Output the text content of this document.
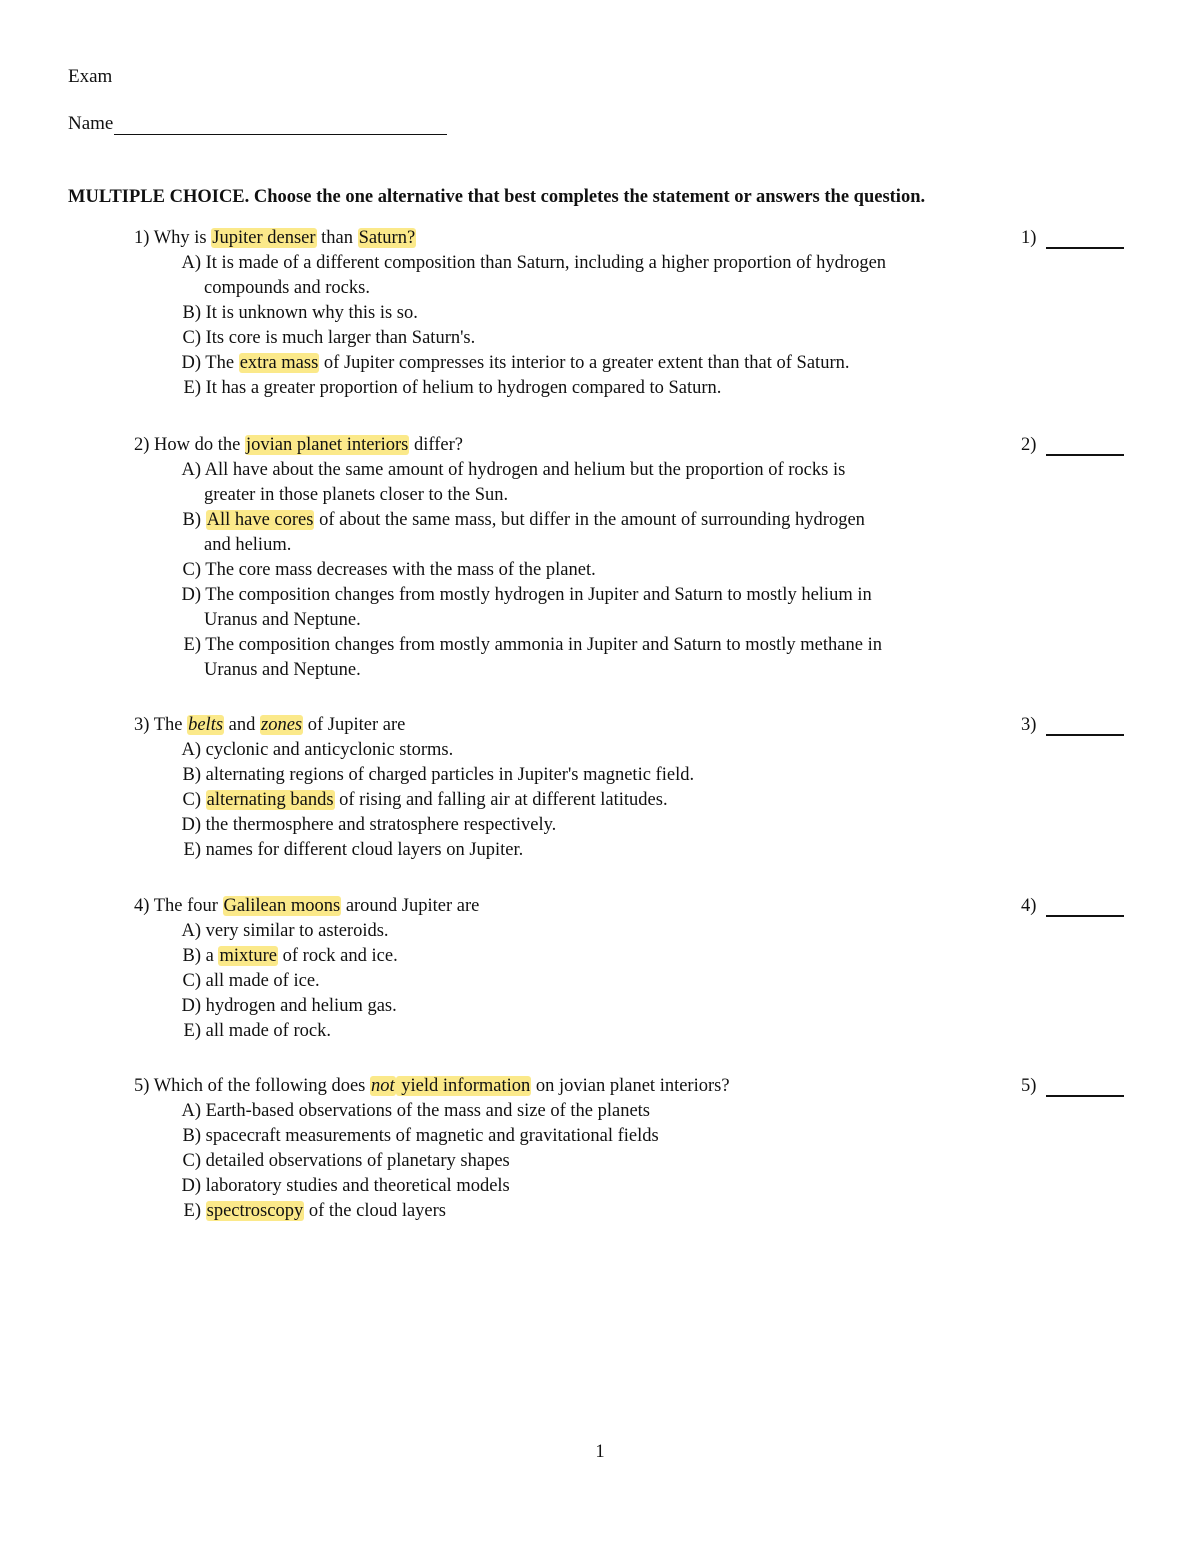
Exam
Name
MULTIPLE CHOICE. Choose the one alternative that best completes the statement or answers the question.
1) Why is Jupiter denser than Saturn?	1)
A) It is made of a different composition than Saturn, including a higher proportion of hydrogen
compounds and rocks.
B) It is unknown why this is so.
C) Its core is much larger than Saturn's.
D) The extra mass of Jupiter compresses its interior to a greater extent than that of Saturn.
E) It has a greater proportion of helium to hydrogen compared to Saturn.
2) How do the jovian planet interiors differ?	2)
A) All have about the same amount of hydrogen and helium but the proportion of rocks is
greater in those planets closer to the Sun.
B) All have cores of about the same mass, but differ in the amount of surrounding hydrogen
and helium.
C) The core mass decreases with the mass of the planet.
D) The composition changes from mostly hydrogen in Jupiter and Saturn to mostly helium in
Uranus and Neptune.
E) The composition changes from mostly ammonia in Jupiter and Saturn to mostly methane in
Uranus and Neptune.
3) The belts and zones of Jupiter are	3)
A) cyclonic and anticyclonic storms.
B) alternating regions of charged particles in Jupiter's magnetic field.
C) alternating bands of rising and falling air at different latitudes.
D) the thermosphere and stratosphere respectively.
E) names for different cloud layers on Jupiter.
4) The four Galilean moons around Jupiter are	4)
A) very similar to asteroids.
B) a mixture of rock and ice.
C) all made of ice.
D) hydrogen and helium gas.
E) all made of rock.
5) Which of the following does not yield information on jovian planet interiors?	5)
A) Earth-based observations of the mass and size of the planets
B) spacecraft measurements of magnetic and gravitational fields
C) detailed observations of planetary shapes
D) laboratory studies and theoretical models
E) spectroscopy of the cloud layers
1
